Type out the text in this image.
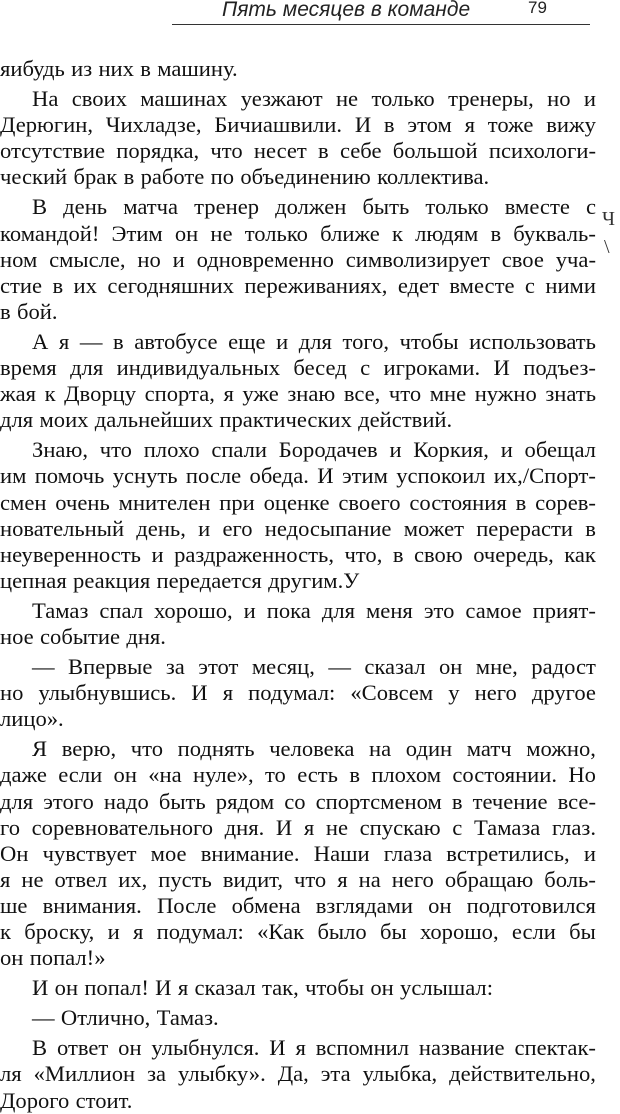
Пять месяцев в команде	79
яибудь из них в машину.
На своих машинах уезжают не только тренеры, но и
Дерюгин, Чихладзе, Бичиашвили. И в этом я тоже вижу
отсутствие порядка, что несет в себе большой психологи-
ческий брак в работе по объединению коллектива.
В день матча тренер должен быть только вместе с
командой! Этим он не только ближе к людям в букваль-
ном смысле, но и одновременно символизирует свое уча-
стие в их сегодняшних переживаниях, едет вместе с ними
в бой.
А я — в автобусе еще и для того, чтобы использовать
время для индивидуальных бесед с игроками. И подъез-
жая к Дворцу спорта, я уже знаю все, что мне нужно знать
для моих дальнейших практических действий.
Знаю, что плохо спали Бородачев и Коркия, и обещал
им помочь уснуть после обеда. И этим успокоил их,/Спорт-
смен очень мнителен при оценке своего состояния в сорев-
новательный день, и его недосыпание может перерасти в
неуверенность и раздраженность, что, в свою очередь, как
цепная реакция передается другим.У
Тамаз спал хорошо, и пока для меня это самое прият-
ное событие дня.
— Впервые за этот месяц, — сказал он мне, радост
но улыбнувшись. И я подумал: «Совсем у него другое
лицо».
Я верю, что поднять человека на один матч можно,
даже если он «на нуле», то есть в плохом состоянии. Но
для этого надо быть рядом со спортсменом в течение все-
го соревновательного дня. И я не спускаю с Тамаза глаз.
Он чувствует мое внимание. Наши глаза встретились, и
я не отвел их, пусть видит, что я на него обращаю боль-
ше внимания. После обмена взглядами он подготовился
к броску, и я подумал: «Как было бы хорошо, если бы
он попал!»
И он попал! И я сказал так, чтобы он услышал:
— Отлично, Тамаз.
В ответ он улыбнулся. И я вспомнил название спектак-
ля «Миллион за улыбку». Да, эта улыбка, действительно,
Дорого стоит.
Ч
\
